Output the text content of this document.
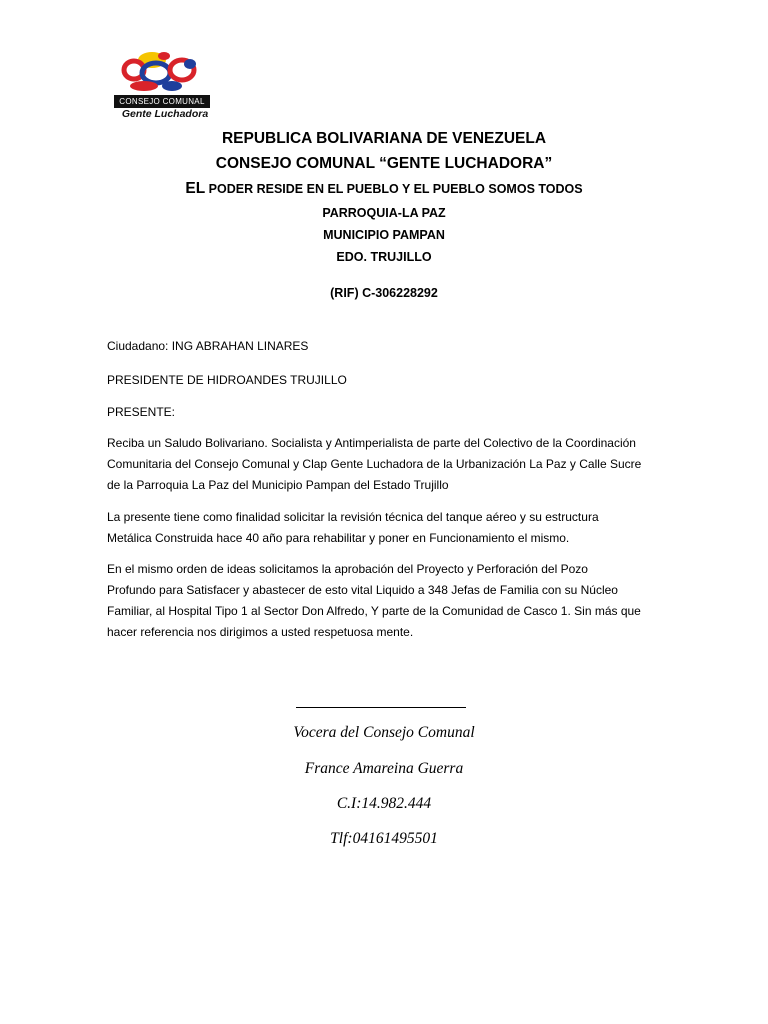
CONSEJO COMUNAL
Gente Luchadora
REPUBLICA BOLIVARIANA DE VENEZUELA
CONSEJO COMUNAL “GENTE LUCHADORA”
EL PODER RESIDE EN EL PUEBLO Y EL PUEBLO SOMOS TODOS
PARROQUIA-LA PAZ
MUNICIPIO PAMPAN
EDO. TRUJILLO
(RIF) C-306228292
Ciudadano: ING ABRAHAN LINARES
PRESIDENTE DE HIDROANDES TRUJILLO
PRESENTE:
Reciba un Saludo Bolivariano. Socialista y Antimperialista de parte del Colectivo de la Coordinación
Comunitaria del Consejo Comunal y Clap Gente Luchadora de la Urbanización La Paz y Calle Sucre
de la Parroquia La Paz del Municipio Pampan del Estado Trujillo
La presente tiene como finalidad solicitar la revisión técnica del tanque aéreo y su estructura
Metálica Construida hace 40 año para rehabilitar y poner en Funcionamiento el mismo.
En el mismo orden de ideas solicitamos la aprobación del Proyecto y Perforación del Pozo
Profundo para Satisfacer y abastecer de esto vital Liquido a 348 Jefas de Familia con su Núcleo
Familiar, al Hospital Tipo 1 al Sector Don Alfredo, Y parte de la Comunidad de Casco 1. Sin más que
hacer referencia nos dirigimos a usted respetuosa mente.
Vocera del Consejo Comunal
France Amareina Guerra
C.I:14.982.444
Tlf:04161495501
